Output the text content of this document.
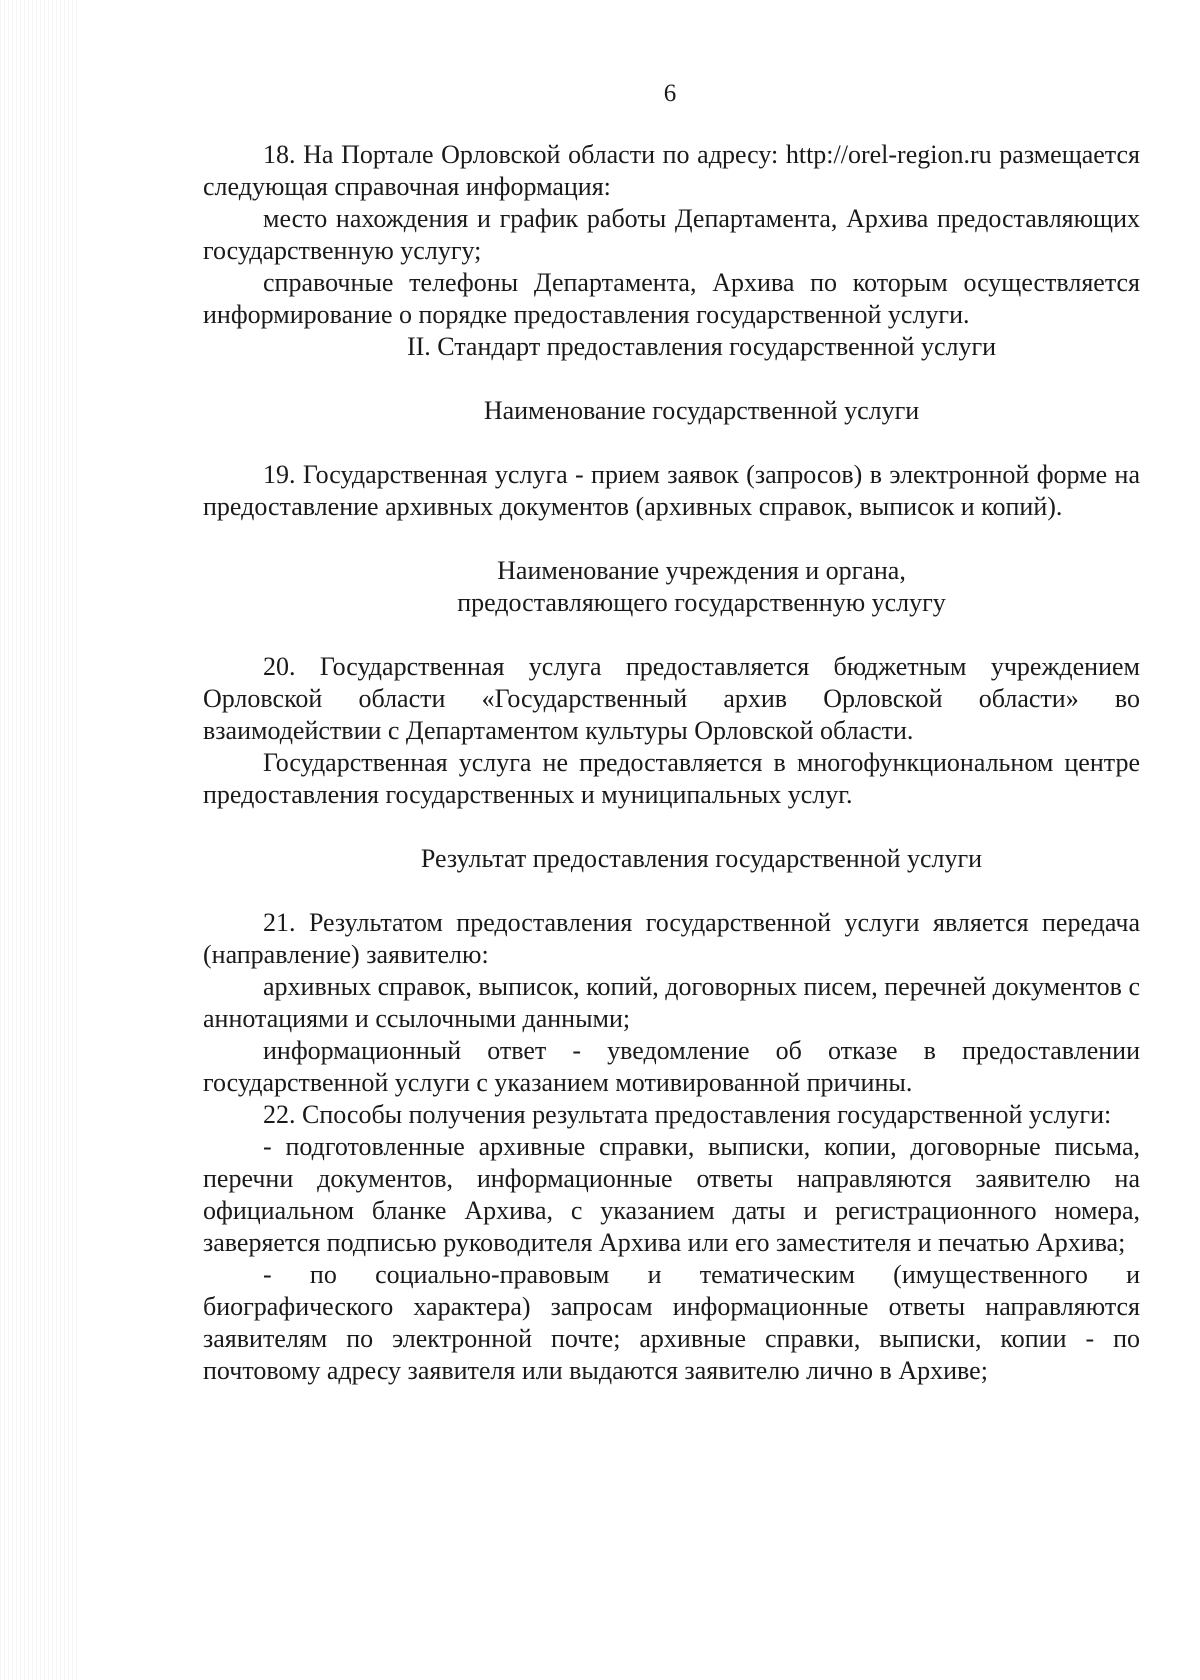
6

18. На Портале Орловской области по адресу: http://orel-region.ru размещается следующая справочная информация:

место нахождения и график работы Департамента, Архива предоставляющих государственную услугу;

справочные телефоны Департамента, Архива по которым осуществляется информирование о порядке предоставления государственной услуги.

II. Стандарт предоставления государственной услуги

Наименование государственной услуги

19. Государственная услуга - прием заявок (запросов) в электронной форме на предоставление архивных документов (архивных справок, выписок и копий).

Наименование учреждения и органа,

предоставляющего государственную услугу

20. Государственная услуга предоставляется бюджетным учреждением Орловской области «Государственный архив Орловской области» во взаимодействии с Департаментом культуры Орловской области.

Государственная услуга не предоставляется в многофункциональном центре предоставления государственных и муниципальных услуг.

Результат предоставления государственной услуги

21. Результатом предоставления государственной услуги является передача (направление) заявителю:

архивных справок, выписок, копий, договорных писем, перечней документов с аннотациями и ссылочными данными;

информационный ответ - уведомление об отказе в предоставлении государственной услуги с указанием мотивированной причины.

22. Способы получения результата предоставления государственной услуги:

- подготовленные архивные справки, выписки, копии, договорные письма, перечни документов, информационные ответы направляются заявителю на официальном бланке Архива, с указанием даты и регистрационного номера, заверяется подписью руководителя Архива или его заместителя и печатью Архива;

- по социально-правовым и тематическим (имущественного и биографического характера) запросам информационные ответы направляются заявителям по электронной почте; архивные справки, выписки, копии - по почтовому адресу заявителя или выдаются заявителю лично в Архиве;
